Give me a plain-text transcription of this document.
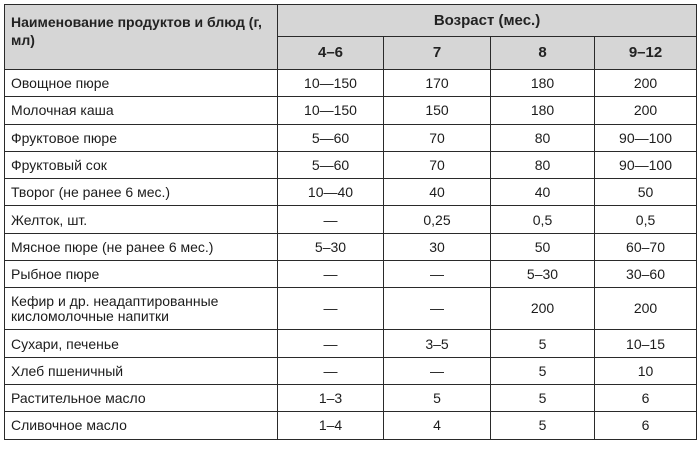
Наименование продуктов и блюд (г, мл)	Возраст (мес.)			
	4–6	7	8	9–12
Овощное пюре	10—150	170	180	200
Молочная каша	10—150	150	180	200
Фруктовое пюре	5—60	70	80	90—100
Фруктовый сок	5—60	70	80	90—100
Творог (не ранее 6 мес.)	10—40	40	40	50
Желток, шт.	—	0,25	0,5	0,5
Мясное пюре (не ранее 6 мес.)	5–30	30	50	60–70
Рыбное пюре	—	—	5–30	30–60
Кефир и др. неадаптированные кисломолочные напитки	—	—	200	200
Сухари, печенье	—	3–5	5	10–15
Хлеб пшеничный	—	—	5	10
Растительное масло	1–3	5	5	6
Сливочное масло	1–4	4	5	6
